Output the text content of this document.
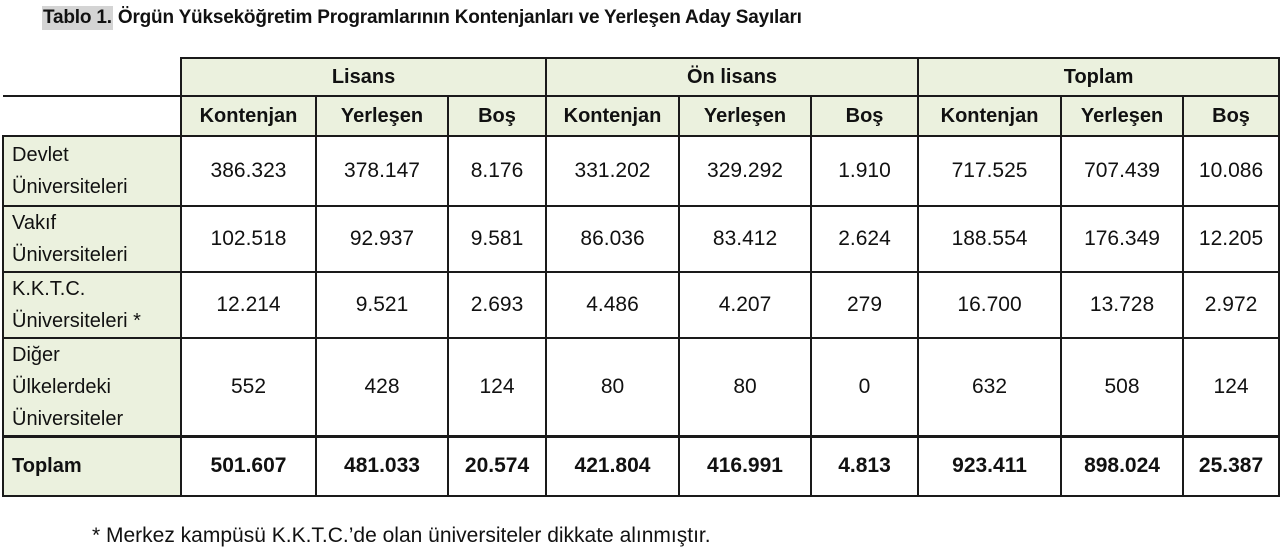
Tablo 1. Örgün Yükseköğretim Programlarının Kontenjanları ve Yerleşen Aday Sayıları
	Lisans			Ön lisans			Toplam		
	Kontenjan	Yerleşen	Boş	Kontenjan	Yerleşen	Boş	Kontenjan	Yerleşen	Boş

Devlet
Üniversiteleri	386.323	378.147	8.176	331.202	329.292	1.910	717.525	707.439	10.086

Vakıf
Üniversiteleri	102.518	92.937	9.581	86.036	83.412	2.624	188.554	176.349	12.205

K.K.T.C.
Üniversiteleri *	12.214	9.521	2.693	4.486	4.207	279	16.700	13.728	2.972

Diğer
Ülkelerdeki
Üniversiteler	552	428	124	80	80	0	632	508	124
Toplam	501.607	481.033	20.574	421.804	416.991	4.813	923.411	898.024	25.387
* Merkez kampüsü K.K.T.C.’de olan üniversiteler dikkate alınmıştır.
